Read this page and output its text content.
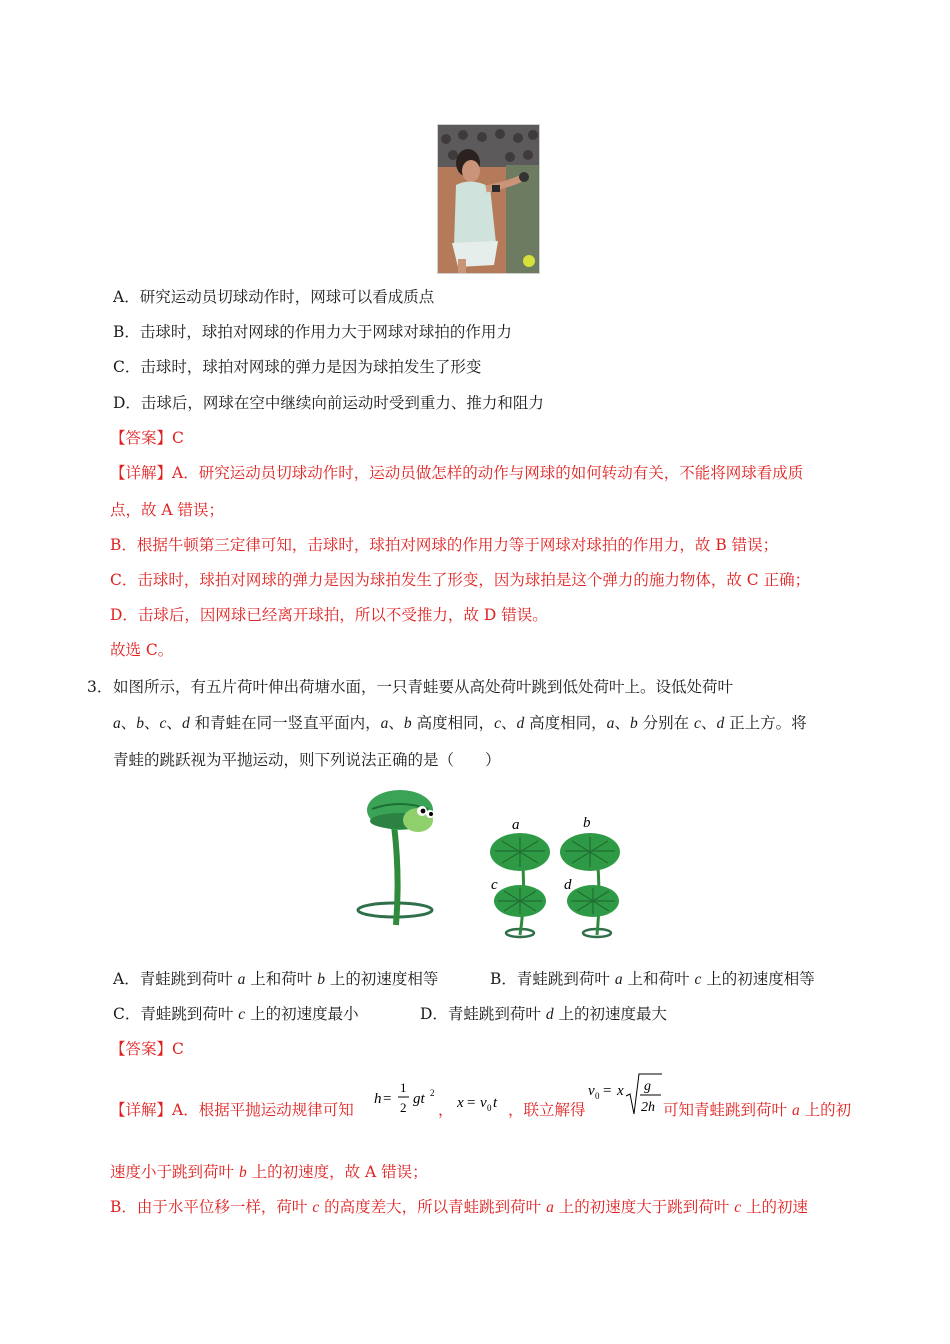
A．研究运动员切球动作时，网球可以看成质点
B．击球时，球拍对网球的作用力大于网球对球拍的作用力
C．击球时，球拍对网球的弹力是因为球拍发生了形变
D．击球后，网球在空中继续向前运动时受到重力、推力和阻力
【答案】C
【详解】A．研究运动员切球动作时，运动员做怎样的动作与网球的如何转动有关，不能将网球看成质
点，故 A 错误；
B．根据牛顿第三定律可知，击球时，球拍对网球的作用力等于网球对球拍的作用力，故 B 错误；
C．击球时，球拍对网球的弹力是因为球拍发生了形变，因为球拍是这个弹力的施力物体，故 C 正确；
D．击球后，因网球已经离开球拍，所以不受推力，故 D 错误。
故选 C。
3． 如图所示，有五片荷叶伸出荷塘水面，一只青蛙要从高处荷叶跳到低处荷叶上。设低处荷叶
a、b、c、d 和青蛙在同一竖直平面内，a、b 高度相同，c、d 高度相同，a、b 分别在 c、d 正上方。将
青蛙的跳跃视为平抛运动，则下列说法正确的是（　　）
a	b
c	d
A．青蛙跳到荷叶 a 上和荷叶 b 上的初速度相等	B．青蛙跳到荷叶 a 上和荷叶 c 上的初速度相等
C．青蛙跳到荷叶 c 上的初速度最小	D．青蛙跳到荷叶 d 上的初速度最大
【答案】C
【详解】A．根据平抛运动规律可知
h =
1
2
gt 2
， x = v 0 t ，联立解得
v 0 = x g
2h 可知青蛙跳到荷叶 a 上的初
速度小于跳到荷叶 b 上的初速度，故 A 错误；
B．由于水平位移一样，荷叶 c 的高度差大，所以青蛙跳到荷叶 a 上的初速度大于跳到荷叶 c 上的初速
